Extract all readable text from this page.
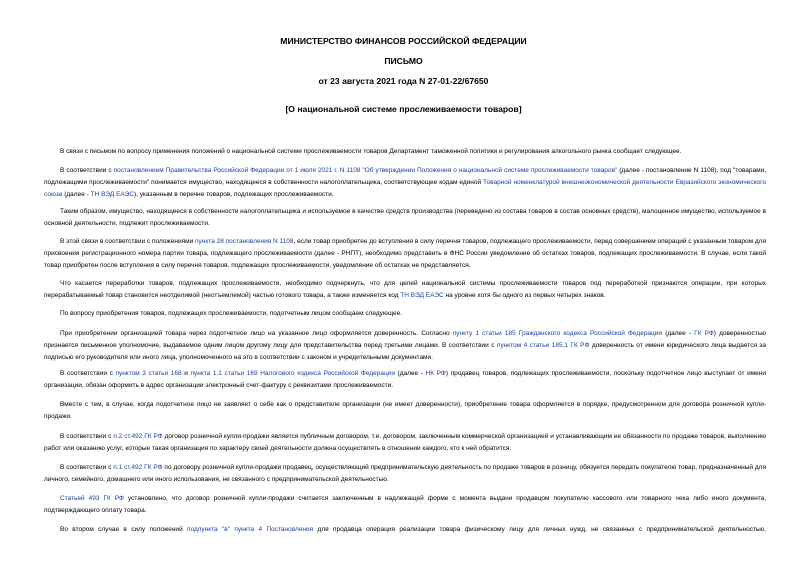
МИНИСТЕРСТВО ФИНАНСОВ РОССИЙСКОЙ ФЕДЕРАЦИИ
ПИСЬМО
от 23 августа 2021 года N 27-01-22/67650
[О национальной системе прослеживаемости товаров]
В связи с письмом по вопросу применения положений о национальной системе прослеживаемости товаров Департамент таможенной политики и регулирования алкогольного рынка сообщает следующее.
В соответствии с постановлением Правительства Российской Федерации от 1 июля 2021 г. N 1108 "Об утверждении Положения о национальной системе прослеживаемости товаров" (далее - постановление N 1108), под "товарами, подлежащими прослеживаемости" понимается имущество, находящееся в собственности налогоплательщика, соответствующее кодам единой Товарной номенклатурой внешнеэкономической деятельности Евразийского экономического союза (далее - ТН ВЭД ЕАЭС), указанным в перечне товаров, подлежащих прослеживаемости.
Таким образом, имущество, находящееся в собственности налогоплательщика и используемое в качестве средств производства (переведено из состава товаров в состав основных средств), малоценное имущество, используемое в основной деятельности, подлежит прослеживаемости.
В этой связи в соответствии с положениями пункта 28 постановления N 1108, если товар приобретен до вступления в силу перечня товаров, подлежащего прослеживаемости, перед совершением операций с указанным товаром для присвоения регистрационного номера партии товара, подлежащего прослеживаемости (далее - РНПТ), необходимо представить в ФНС России уведомление об остатках товаров, подлежащих прослеживаемости. В случае, если такой товар приобретен после вступления в силу перечня товаров, подлежащих прослеживаемости, уведомление об остатках не представляется.
Что касается переработки товаров, подлежащих прослеживаемости, необходимо подчеркнуть, что для целей национальной системы прослеживаемости товаров под переработкой признаются операции, при которых перерабатываемый товар становится неотделимой (неотъемлемой) частью готового товара, а также изменяется код ТН ВЭД ЕАЭС на уровне хотя бы одного из первых четырех знаков.
По вопросу приобретения товаров, подлежащих прослеживаемости, подотчетным лицом сообщаем следующее.
При приобретении организацией товара через подотчетное лицо на указанное лицо оформляется доверенность. Согласно пункту 1 статьи 185 Гражданского кодекса Российской Федерации (далее - ГК РФ) доверенностью признается письменное уполномочие, выдаваемое одним лицом другому лицу для представительства перед третьими лицами. В соответствии с пунктом 4 статьи 185.1 ГК РФ доверенность от имени юридического лица выдается за подписью его руководителя или иного лица, уполномоченного на это в соответствии с законом и учредительными документами.
В соответствии с пунктом 3 статьи 168 и пункта 1.1 статьи 169 Налогового кодекса Российской Федерации (далее - НК РФ) продавец товаров, подлежащих прослеживаемости, поскольку подотчетное лицо выступает от имени организации, обязан оформить в адрес организации электронный счет-фактуру с реквизитами прослеживаемости.
Вместе с тем, в случае, когда подотчетное лицо не заявляет о себе как о представителе организации (не имеет доверенности), приобретение товара оформляется в порядке, предусмотренном для договора розничной купли-продажи.
В соответствии с п.2 ст.492 ГК РФ договор розничной купли-продажи является публичным договором, т.е. договором, заключенным коммерческой организацией и устанавливающим ее обязанности по продаже товаров, выполнению работ или оказанию услуг, которые такая организация по характеру своей деятельности должна осуществлять в отношении каждого, кто к ней обратится.
В соответствии с п.1 ст.492 ГК РФ по договору розничной купли-продажи продавец, осуществляющий предпринимательскую деятельность по продаже товаров в розницу, обязуется передать покупателю товар, предназначенный для личного, семейного, домашнего или иного использования, не связанного с предпринимательской деятельностью.
Статьей 493 ГК РФ установлено, что договор розничной купли-продажи считается заключенным в надлежащей форме с момента выдачи продавцом покупателю кассового или товарного чека либо иного документа, подтверждающего оплату товара.
Во втором случае в силу положений подпункта "в" пункта 4 Постановления для продавца операция реализации товара физическому лицу для личных нужд, не связанных с предпринимательской деятельностью,
